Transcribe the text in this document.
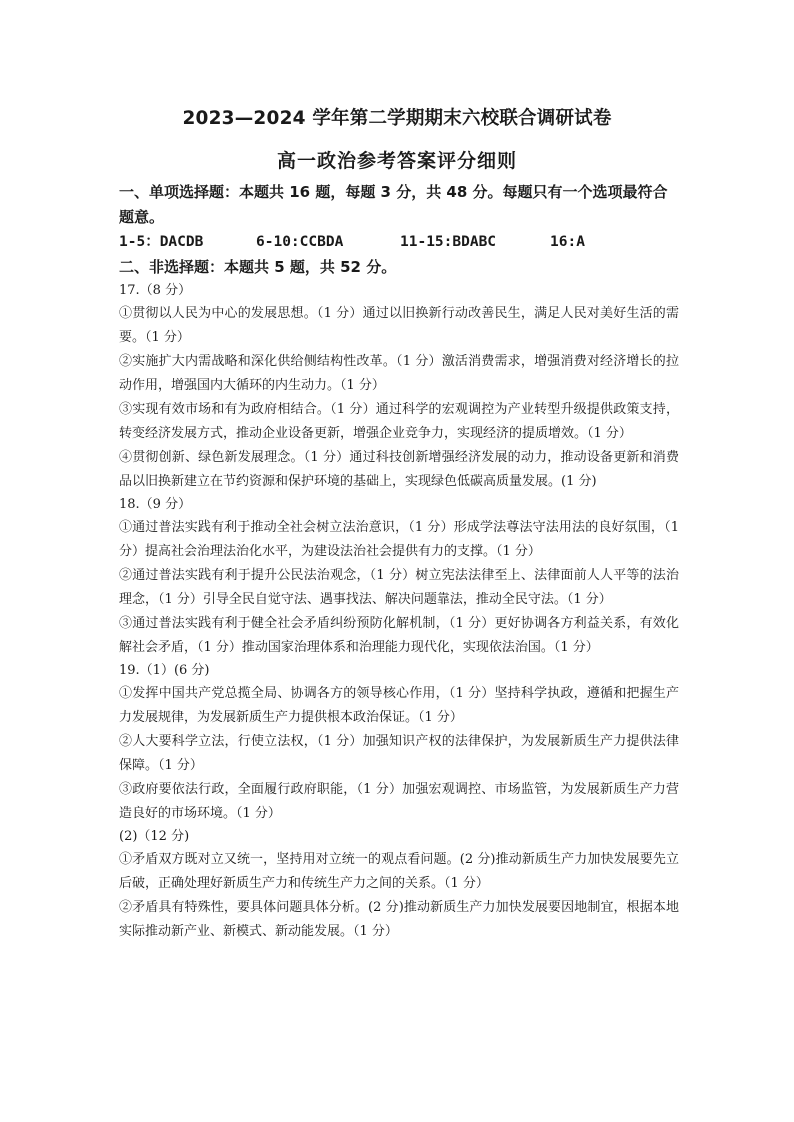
2023—2024 学年第二学期期末六校联合调研试卷
高一政治参考答案评分细则

一、单项选择题：本题共 16 题，每题 3 分，共 48 分。每题只有一个选项最符合题意。

1-5：DACDB	6-10:CCBDA	11-15:BDABC	16:A

二、非选择题：本题共 5 题，共 52 分。

17.（8 分）

①贯彻以人民为中心的发展思想。（1 分）通过以旧换新行动改善民生，满足人民对美好生活的需要。（1 分）

②实施扩大内需战略和深化供给侧结构性改革。（1 分）激活消费需求，增强消费对经济增长的拉动作用，增强国内大循环的内生动力。（1 分）

③实现有效市场和有为政府相结合。（1 分）通过科学的宏观调控为产业转型升级提供政策支持，转变经济发展方式，推动企业设备更新，增强企业竞争力，实现经济的提质增效。（1 分）

④贯彻创新、绿色新发展理念。（1 分）通过科技创新增强经济发展的动力，推动设备更新和消费品以旧换新建立在节约资源和保护环境的基础上，实现绿色低碳高质量发展。(1 分)

18.（9 分）

①通过普法实践有利于推动全社会树立法治意识，（1 分）形成学法尊法守法用法的良好氛围，（1 分）提高社会治理法治化水平，为建设法治社会提供有力的支撑。（1 分）

②通过普法实践有利于提升公民法治观念，（1 分）树立宪法法律至上、法律面前人人平等的法治理念，（1 分）引导全民自觉守法、遇事找法、解决问题靠法，推动全民守法。（1 分）

③通过普法实践有利于健全社会矛盾纠纷预防化解机制，（1 分）更好协调各方利益关系，有效化解社会矛盾，（1 分）推动国家治理体系和治理能力现代化，实现依法治国。（1 分）

19.（1）(6 分)

①发挥中国共产党总揽全局、协调各方的领导核心作用，（1 分）坚持科学执政，遵循和把握生产力发展规律，为发展新质生产力提供根本政治保证。（1 分）

②人大要科学立法，行使立法权，（1 分）加强知识产权的法律保护，为发展新质生产力提供法律保障。（1 分）

③政府要依法行政，全面履行政府职能，（1 分）加强宏观调控、市场监管，为发展新质生产力营造良好的市场环境。（1 分）

(2)（12 分)

①矛盾双方既对立又统一，坚持用对立统一的观点看问题。(2 分)推动新质生产力加快发展要先立后破，正确处理好新质生产力和传统生产力之间的关系。（1 分）

②矛盾具有特殊性，要具体问题具体分析。(2 分)推动新质生产力加快发展要因地制宜，根据本地实际推动新产业、新模式、新动能发展。（1 分）
